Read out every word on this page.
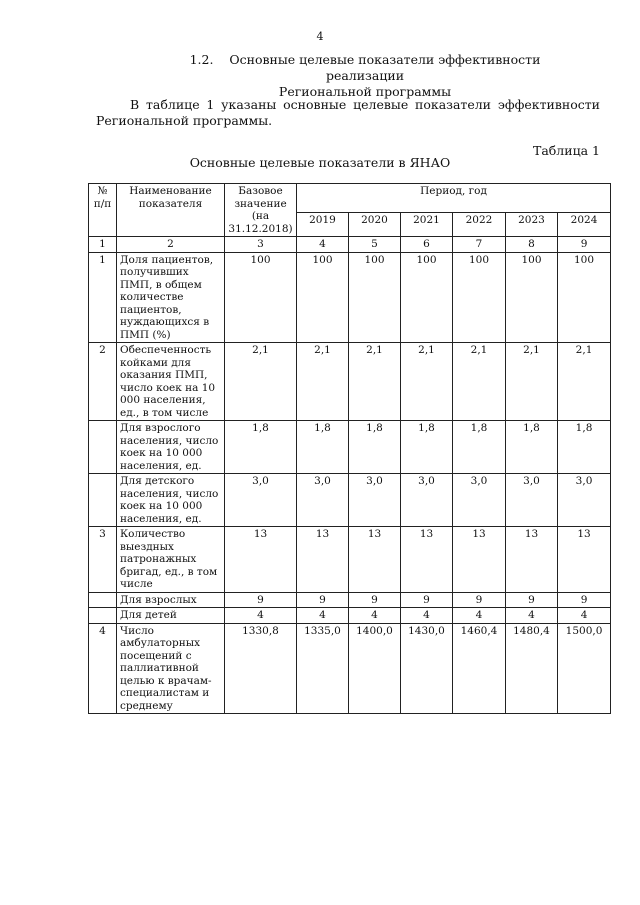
4
1.2. Основные целевые показатели эффективности реализации
Региональной программы
В таблице 1 указаны основные целевые показатели эффективности Региональной программы.
Таблица 1
Основные целевые показатели в ЯНАО
№ п/п	Наименование показателя	Базовое значение (на 31.12.2018)	Период, год					
			2019	2020	2021	2022	2023	2024
1	2	3	4	5	6	7	8	9
1	Доля пациентов, получивших ПМП, в общем количестве пациентов, нуждающихся в ПМП (%)	100	100	100	100	100	100	100
2	Обеспеченность койками для оказания ПМП, число коек на 10 000 населения, ед., в том числе	2,1	2,1	2,1	2,1	2,1	2,1	2,1
	Для взрослого населения, число коек на 10 000 населения, ед.	1,8	1,8	1,8	1,8	1,8	1,8	1,8
	Для детского населения, число коек на 10 000 населения, ед.	3,0	3,0	3,0	3,0	3,0	3,0	3,0
3	Количество выездных патронажных бригад, ед., в том числе	13	13	13	13	13	13	13
	Для взрослых	9	9	9	9	9	9	9
	Для детей	4	4	4	4	4	4	4
4	Число амбулаторных посещений с паллиативной целью к врачам-специалистам и среднему	1330,8	1335,0	1400,0	1430,0	1460,4	1480,4	1500,0
